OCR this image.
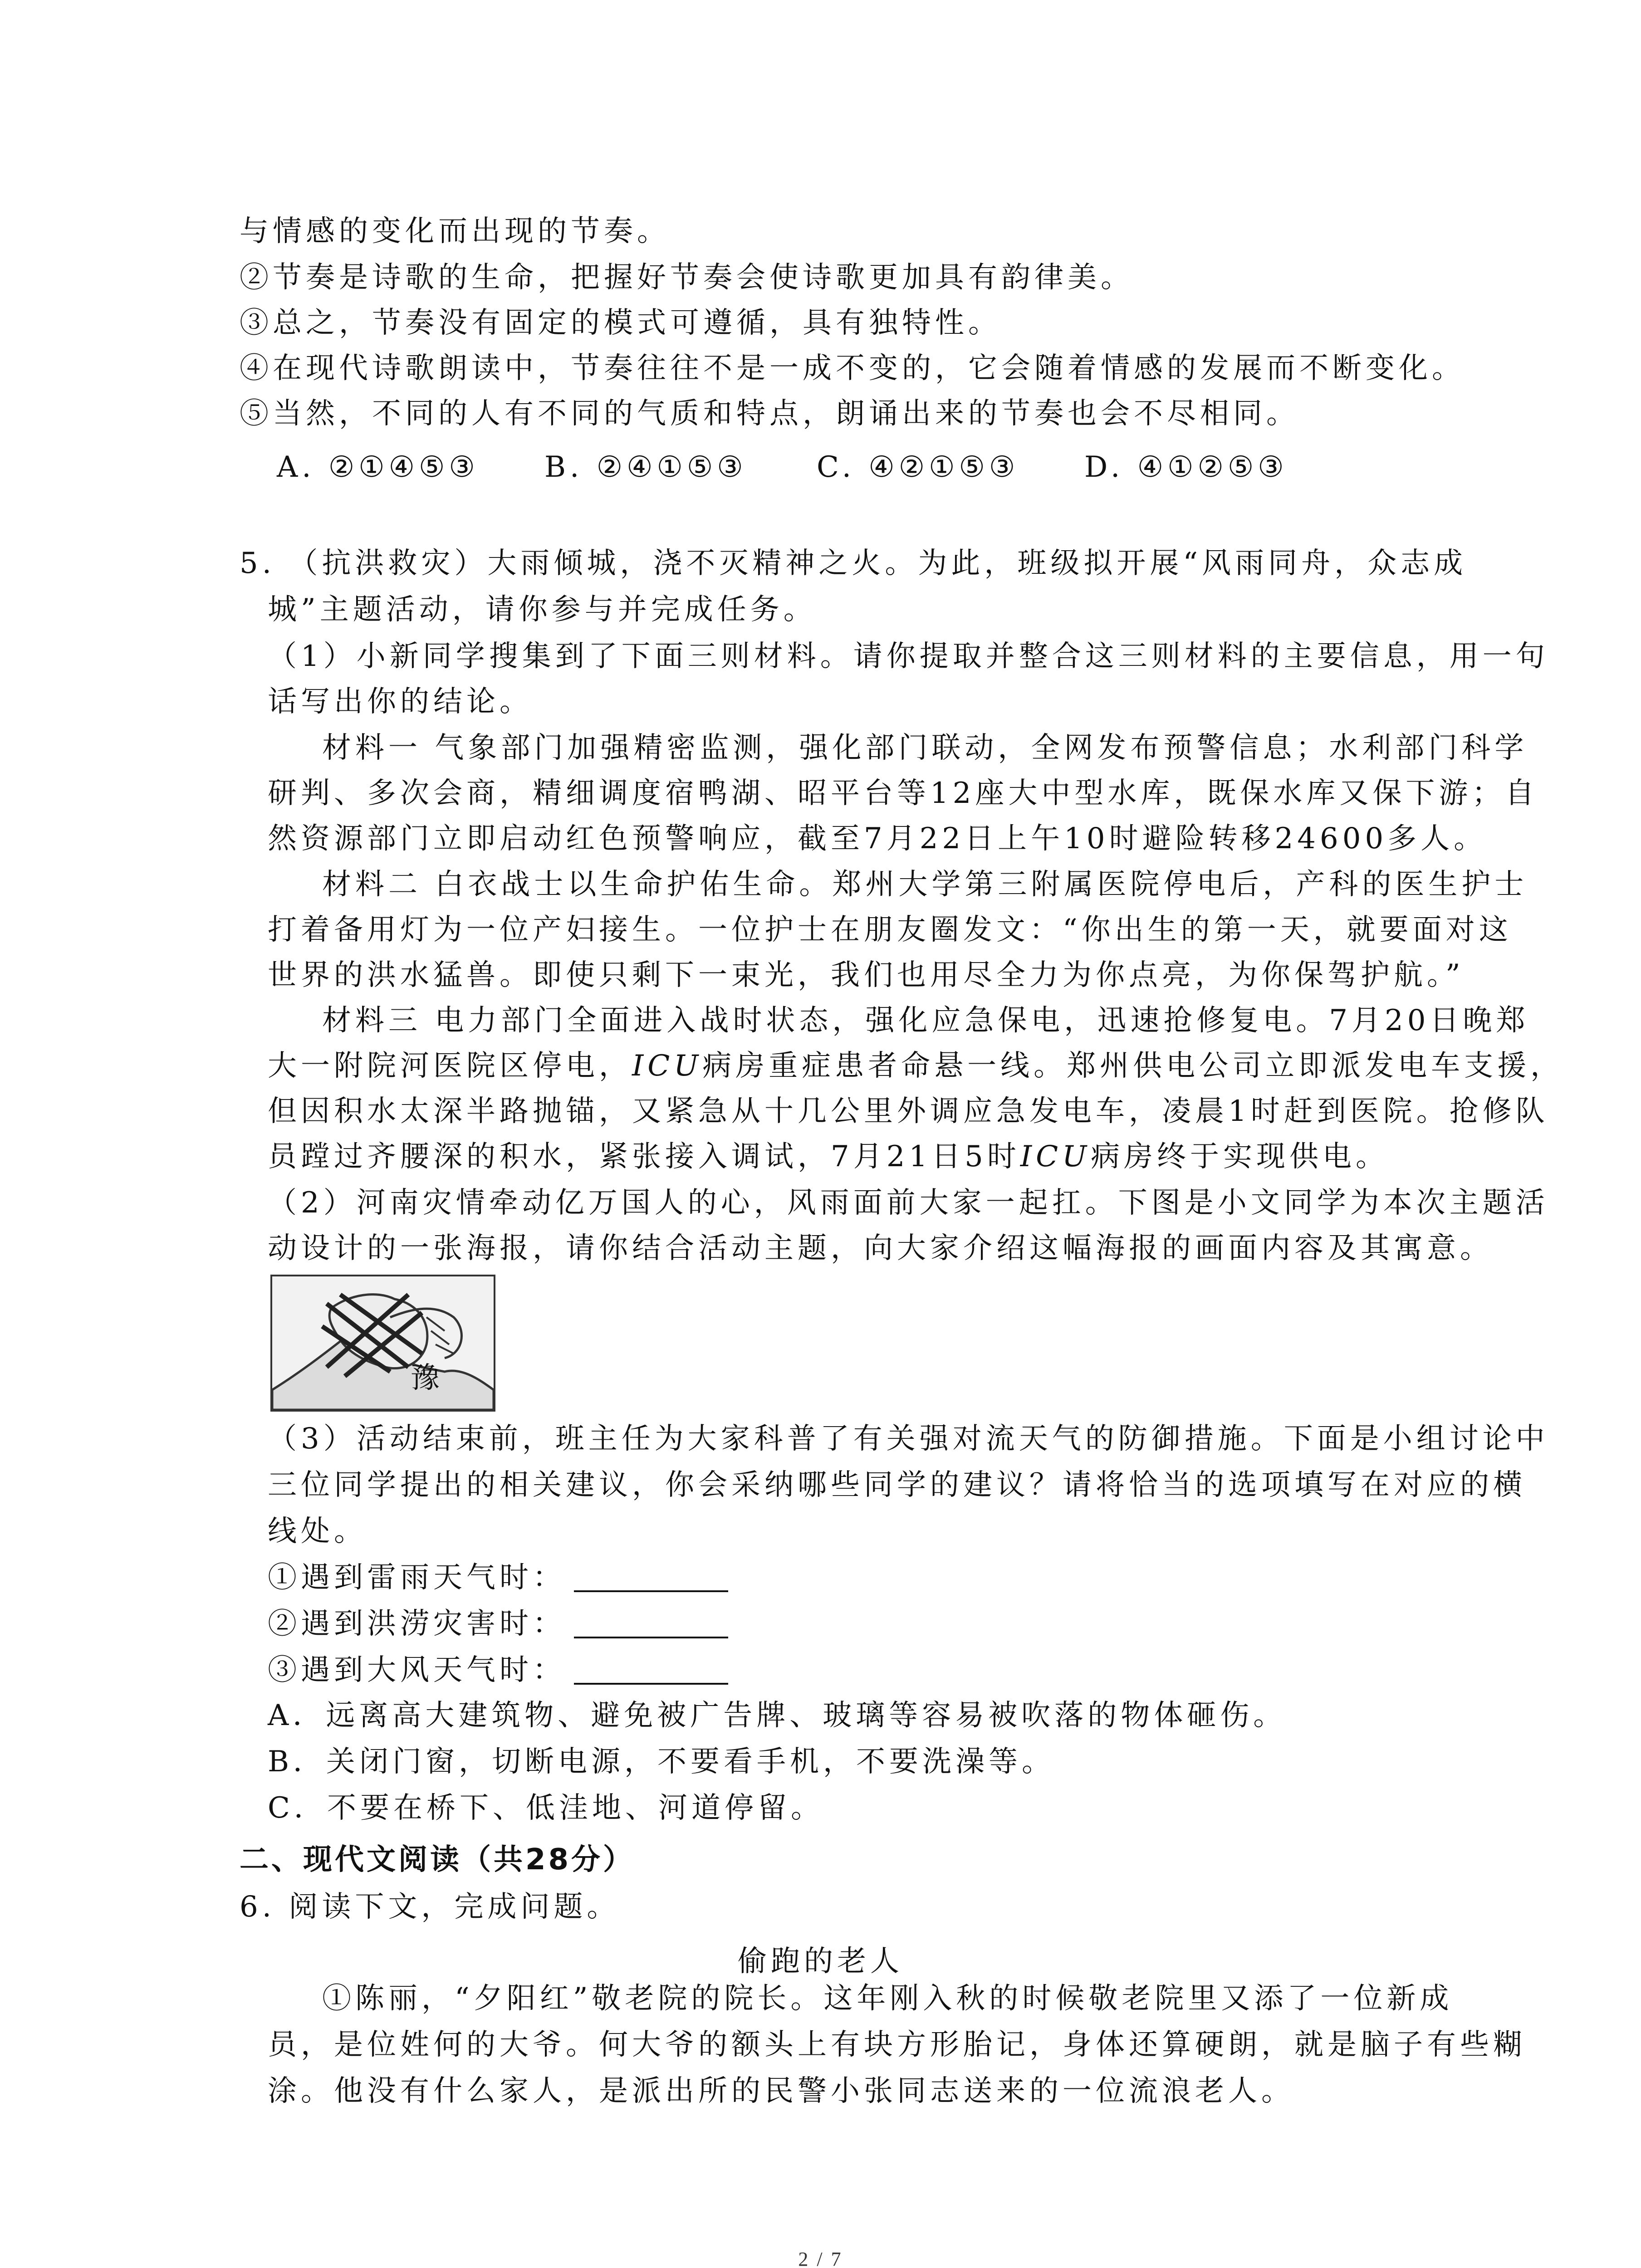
与情感的变化而出现的节奏。
②节奏是诗歌的生命，把握好节奏会使诗歌更加具有韵律美。
③总之，节奏没有固定的模式可遵循，具有独特性。
④在现代诗歌朗读中，节奏往往不是一成不变的，它会随着情感的发展而不断变化。
⑤当然，不同的人有不同的气质和特点，朗诵出来的节奏也会不尽相同。
A. ②①④⑤③ B. ②④①⑤③ C. ④②①⑤③ D. ④①②⑤③
5. （抗洪救灾）大雨倾城，浇不灭精神之火。为此，班级拟开展“风雨同舟，众志成
城”主题活动，请你参与并完成任务。
（1）小新同学搜集到了下面三则材料。请你提取并整合这三则材料的主要信息，用一句
话写出你的结论。
材料一 气象部门加强精密监测，强化部门联动，全网发布预警信息；水利部门科学
研判、多次会商，精细调度宿鸭湖、昭平台等12座大中型水库，既保水库又保下游；自
然资源部门立即启动红色预警响应，截至7月22日上午10时避险转移24600多人。
材料二 白衣战士以生命护佑生命。郑州大学第三附属医院停电后，产科的医生护士
打着备用灯为一位产妇接生。一位护士在朋友圈发文：“你出生的第一天，就要面对这
世界的洪水猛兽。即使只剩下一束光，我们也用尽全力为你点亮，为你保驾护航。”
材料三 电力部门全面进入战时状态，强化应急保电，迅速抢修复电。7月20日晚郑
大一附院河医院区停电，ICU病房重症患者命悬一线。郑州供电公司立即派发电车支援，
但因积水太深半路抛锚，又紧急从十几公里外调应急发电车，凌晨1时赶到医院。抢修队
员蹚过齐腰深的积水，紧张接入调试，7月21日5时ICU病房终于实现供电。
（2）河南灾情牵动亿万国人的心，风雨面前大家一起扛。下图是小文同学为本次主题活
动设计的一张海报，请你结合活动主题，向大家介绍这幅海报的画面内容及其寓意。
豫
（3）活动结束前，班主任为大家科普了有关强对流天气的防御措施。下面是小组讨论中
三位同学提出的相关建议，你会采纳哪些同学的建议？请将恰当的选项填写在对应的横
线处。
①遇到雷雨天气时：
②遇到洪涝灾害时：
③遇到大风天气时：
A．远离高大建筑物、避免被广告牌、玻璃等容易被吹落的物体砸伤。
B．关闭门窗，切断电源，不要看手机，不要洗澡等。
C．不要在桥下、低洼地、河道停留。
二、现代文阅读（共28分）
6. 阅读下文，完成问题。
偷跑的老人
①陈丽，“夕阳红”敬老院的院长。这年刚入秋的时候敬老院里又添了一位新成
员，是位姓何的大爷。何大爷的额头上有块方形胎记，身体还算硬朗，就是脑子有些糊
涂。他没有什么家人，是派出所的民警小张同志送来的一位流浪老人。
2 / 7
